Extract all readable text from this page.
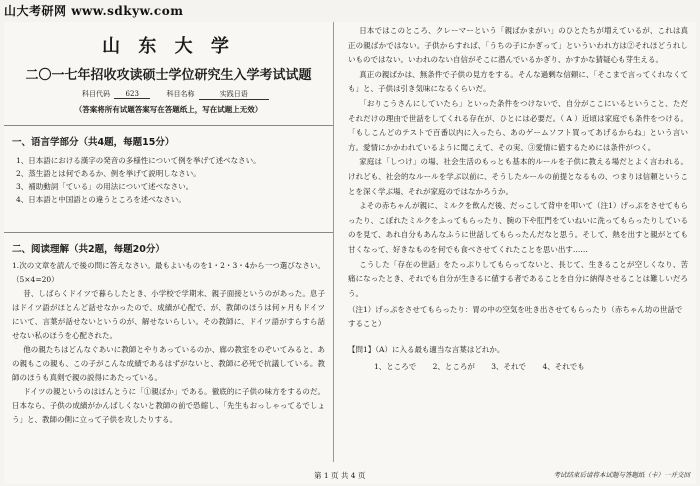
山大考研网 www.sdkyw.com
山 东 大 学
二〇一七年招收攻读硕士学位研究生入学考试试题
科目代码 623	科目名称	实践日语
（答案将所有试题答案写在答题纸上，写在试题上无效）
一、语言学部分（共4题，每题15分）
1、日本語における漢字の発音の多様性について例を挙げて述べなさい。
2、蒸生語とは何であるか、例を挙げて説明しなさい。
3、補助動詞「ている」の用法について述べなさい。
4、日本語と中国語との違うところを述べなさい。
二、阅读理解（共2题，每题20分）
1.次の文章を読んで後の問に答えなさい。最もよいものを1・2・3・4から一つ選びなさい。（5×4=20）
昔、しばらくドイツで暮らしたとき、小学校で学期末、親子面接というのがあった。息子はドイツ語がほとんど話せなかったので、成績が心配で、が、教師のほうは何ヶ月もドイツにいて、言葉が話せないというのが、解せないらしい。その教師に、ドイツ語がすらすら話せない私のほうを心配された。
他の親たちはどんなぐあいに教師とやりあっているのか、廊の教室をのぞいてみると、あの親もこの親も、この子がこんな成績であるはずがないと、教師に必死で抗議している。教師のほうも真剣で親の説得にあたっている。
ドイツの親というのはほんとうに「①親ばか」である。徹底的に子供の味方をするのだ。日本なら、子供の成績がかんばしくないと教師の前で恐縮し、「先生もおっしゃってるでしょう」と、教師の側に立って子供を攻したりする。
日本ではこのところ、クレーマーという「親ばかまがい」のひとたちが増えているが、これは真正の親ばかではない。子供からすれば、「うちの子にかぎって」といういわれ方は②それほどうれしいものではない。いわれのない自信がそこに潜んでいるかぎり、かすかな猜疑心も芽生える。
真正の親ばかは、無条件で子供の見方をする。そんな過剰な信頼に、「そこまで言ってくれなくても」と、子供は引き気味になるくらいだ。
「おりこうさんにしていたら」といった条件をつけないで、自分がここにいるということ、ただそれだけの理由で世話をしてくれる存在が、ひとには必要だ。（ A ）近頃は家庭でも条件をつける。「もしこんどのテストで百番以内に入ったら、あのゲームソフト買ってあげるからね」という言い方。愛情にかかわれているように聞こえて、その実、③愛情に値するためには条件がつく。
家庭は「しつけ」の場、社会生活のもっとも基本的ルールを子供に教える場だとよく言われる。けれども、社会的なルールを学ぶ以前に、そうしたルールの前提となるもの、つまりは信頼ということを深く学ぶ場、それが家庭のではなかろうか。
よその赤ちゃんが親に、ミルクを飲んだ後、だっこして背中を叩いて（注1）げっぷをさせてもらったり、こぼれたミルクをふってもらったり、腕の下や肛門をていねいに洗ってもらったりしているのを見て、あれ自分もあんなふうに世話してもらったんだなと思う。そして、熱を出すと親がとても甘くなって、好きなものを何でも食べさせてくれたことを思い出す……
こうした「存在の世話」をたっぷりしてもらってないと、長じて、生きることが空しくなり、苦痛になったとき、それでも自分が生きるに値する者であることを自分に納得させることは難しいだろう。
（注1）げっぷをさせてもらったり：胃の中の空気を吐き出させてもらったり（赤ちゃん坊の世話ですること）
【問1】（A）に入る最も適当な言葉はどれか。
1、ところで 2、ところが 3、それで 4、それでも
第 1 页 共 4 页	考试结束后请将本试题与答题纸（卡）一并交回
